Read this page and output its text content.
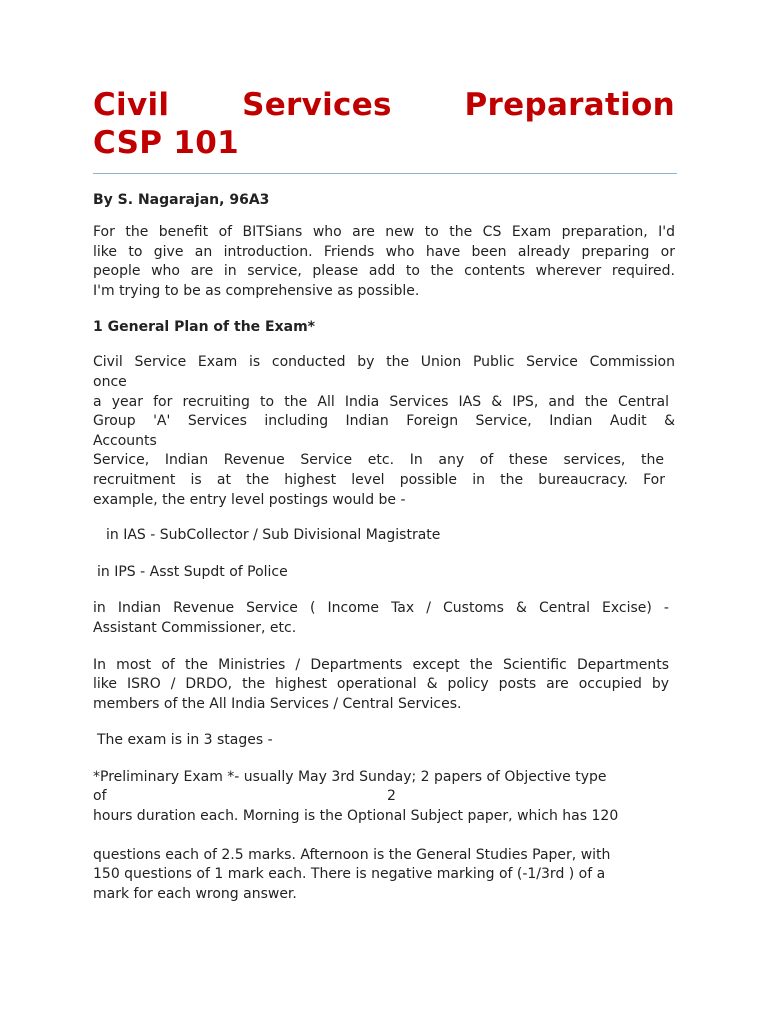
Civil Services Preparation
CSP 101
By S. Nagarajan, 96A3
For the benefit of BITSians who are new to the CS Exam preparation, I'd
like to give an introduction. Friends who have been already preparing or
people who are in service, please add to the contents wherever required.
I'm trying to be as comprehensive as possible.
1 General Plan of the Exam*
Civil Service Exam is conducted by the Union Public Service Commission
once
a year for recruiting to the All India Services IAS & IPS, and the Central
Group 'A' Services including Indian Foreign Service, Indian Audit &
Accounts
Service, Indian Revenue Service etc. In any of these services, the
recruitment is at the highest level possible in the bureaucracy. For
example, the entry level postings would be -
in IAS - SubCollector / Sub Divisional Magistrate
in IPS - Asst Supdt of Police
in Indian Revenue Service ( Income Tax / Customs & Central Excise) -
Assistant Commissioner, etc.
In most of the Ministries / Departments except the Scientific Departments
like ISRO / DRDO, the highest operational & policy posts are occupied by
members of the All India Services / Central Services.
The exam is in 3 stages -
*Preliminary Exam *- usually May 3rd Sunday; 2 papers of Objective type
of	2
hours duration each. Morning is the Optional Subject paper, which has 120
questions each of 2.5 marks. Afternoon is the General Studies Paper, with
150 questions of 1 mark each. There is negative marking of (-1/3rd ) of a
mark for each wrong answer.
